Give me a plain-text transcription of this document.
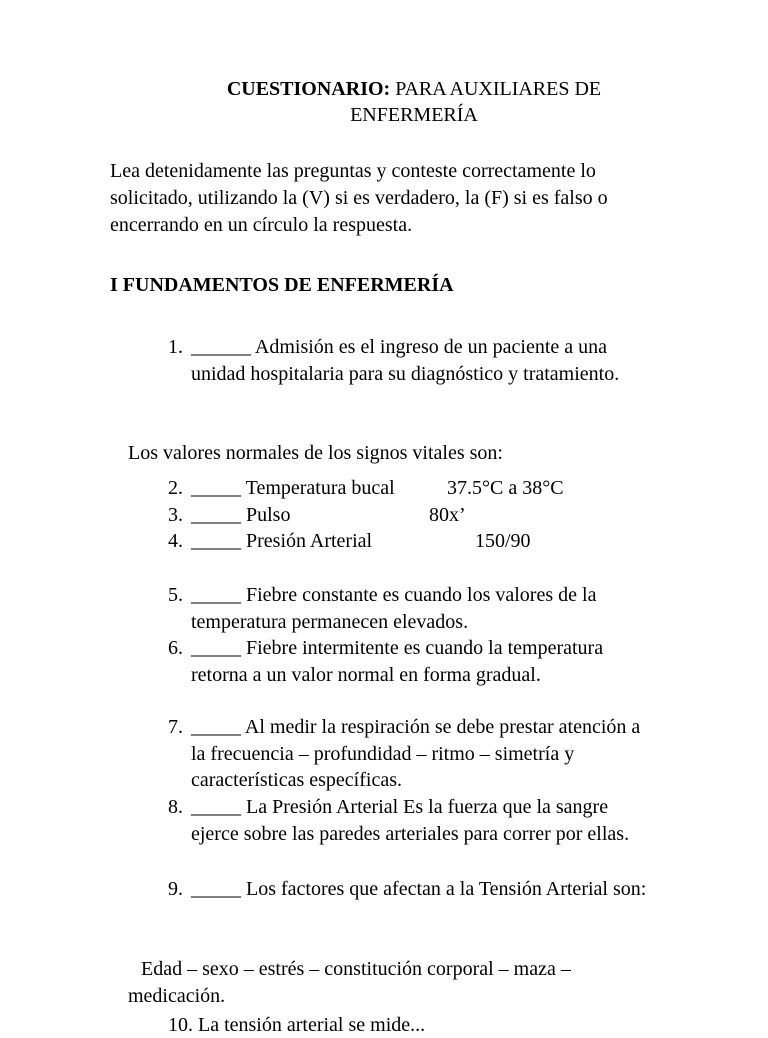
CUESTIONARIO: PARA AUXILIARES DE
ENFERMERÍA
Lea detenidamente las preguntas y conteste correctamente lo solicitado, utilizando la (V) si es verdadero, la (F) si es falso o encerrando en un círculo la respuesta.
I FUNDAMENTOS DE ENFERMERÍA
1. ______ Admisión es el ingreso de un paciente a una unidad hospitalaria para su diagnóstico y tratamiento.
Los valores normales de los signos vitales son:
2. _____ Temperatura bucal	37.5°C a 38°C
3. _____ Pulso	80x’
4. _____ Presión Arterial	150/90
5. _____ Fiebre constante es cuando los valores de la temperatura permanecen elevados.
6. _____ Fiebre intermitente es cuando la temperatura retorna a un valor normal en forma gradual.
7. _____ Al medir la respiración se debe prestar atención a la frecuencia – profundidad – ritmo – simetría y características específicas.
8. _____ La Presión Arterial Es la fuerza que la sangre ejerce sobre las paredes arteriales para correr por ellas.
9. _____ Los factores que afectan a la Tensión Arterial son:
Edad – sexo – estrés – constitución corporal – maza – medicación.
10. La tensión arterial se mide...
